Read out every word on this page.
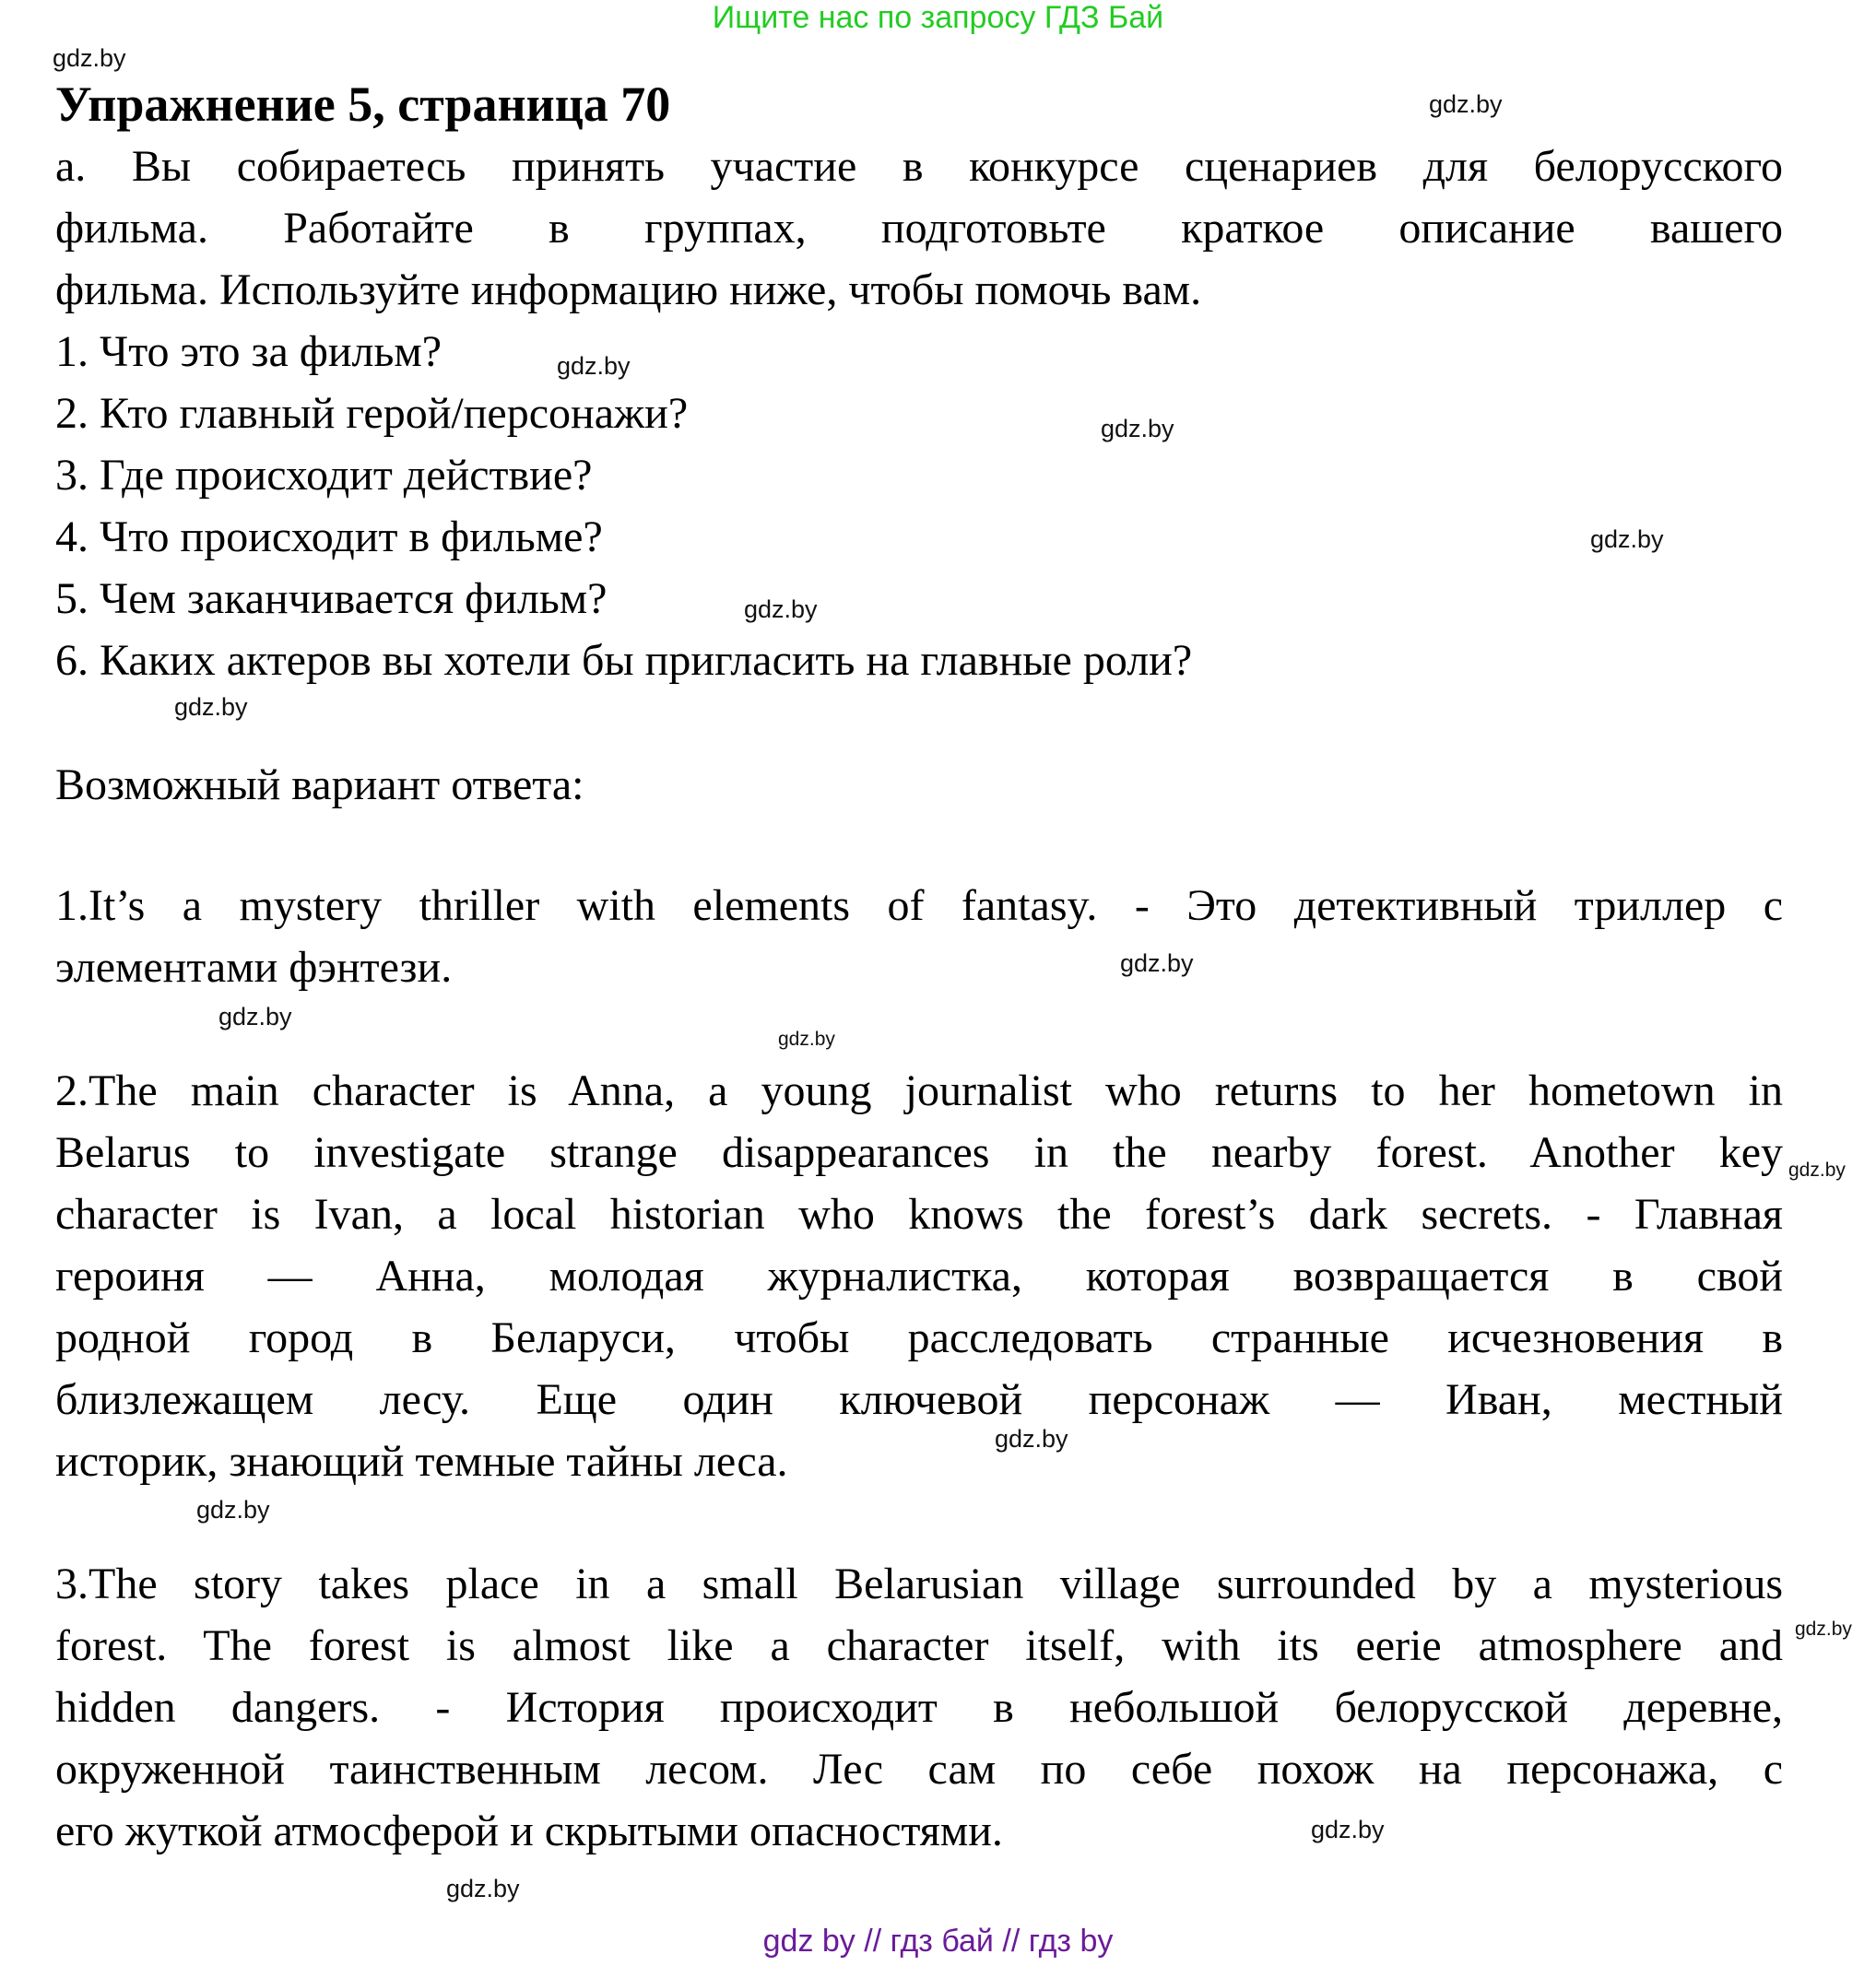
Ищите нас по запросу ГДЗ Бай
Упражнение 5, страница 70
а. Вы собираетесь принять участие в конкурсе сценариев для белорусского
фильма. Работайте в группах, подготовьте краткое описание вашего
фильма. Используйте информацию ниже, чтобы помочь вам.
1. Что это за фильм?
2. Кто главный герой/персонажи?
3. Где происходит действие?
4. Что происходит в фильме?
5. Чем заканчивается фильм?
6. Каких актеров вы хотели бы пригласить на главные роли?
Возможный вариант ответа:
1.It’s a mystery thriller with elements of fantasy. - Это детективный триллер с
элементами фэнтези.
2.The main character is Anna, a young journalist who returns to her hometown in
Belarus to investigate strange disappearances in the nearby forest. Another key
character is Ivan, a local historian who knows the forest’s dark secrets. - Главная
героиня — Анна, молодая журналистка, которая возвращается в свой
родной город в Беларуси, чтобы расследовать странные исчезновения в
близлежащем лесу. Еще один ключевой персонаж — Иван, местный
историк, знающий темные тайны леса.
3.The story takes place in a small Belarusian village surrounded by a mysterious
forest. The forest is almost like a character itself, with its eerie atmosphere and
hidden dangers. - История происходит в небольшой белорусской деревне,
окруженной таинственным лесом. Лес сам по себе похож на персонажа, с
его жуткой атмосферой и скрытыми опасностями.
gdz.by
gdz.by
gdz.by
gdz.by
gdz.by
gdz.by
gdz.by
gdz.by
gdz.by
gdz.by
gdz.by
gdz.by
gdz.by
gdz.by
gdz.by
gdz.by
gdz by // гдз бай // гдз by
